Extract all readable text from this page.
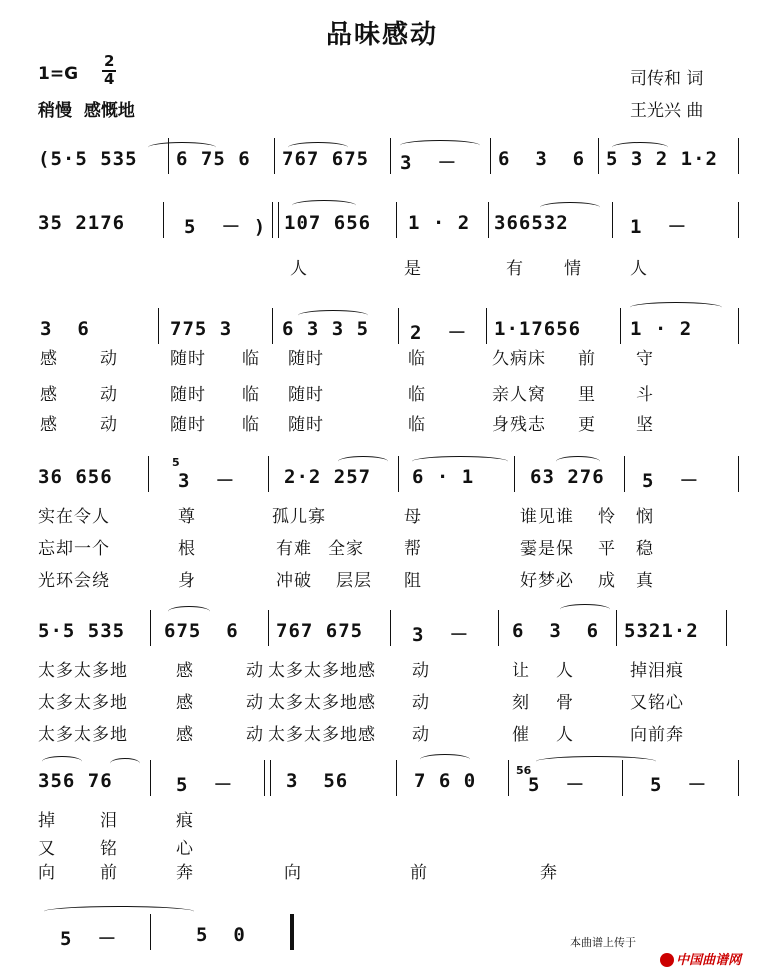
品味感动
1=G
2
4
稍慢  感慨地
司传和 词
王光兴 曲
(5·5 535 6 75 6 767 675 3  － 6  3  6 5 3 2 1·2
35 2176	5  － ) 107 656 1 · 2 366532	1  －
人	是	有 情	人
3  6	775 3	6 3 3 5 2  － 1·17656	1 · 2
感 动	随时 临 随时	临	久病床 前 守
感 动	随时 临 随时	临	亲人窝 里 斗
感 动	随时 临 随时	临	身残志 更 坚
36 656	3  －	2·2 257 6 · 1	63 276 5  －
实在令人	尊	孤儿寡	母	谁见谁 怜 悯
忘却一个	根	有难 全家 帮	霎是保 平 稳
光环会绕	身	冲破 层层 阻	好梦必 成 真
5·5 535 675  6 767 675	3  － 6  3  6 5321·2
太多太多地	感	动 太多太多地感 动	让 人	掉泪痕
太多太多地	感	动 太多太多地感 动	刻 骨	又铭心
太多太多地	感	动 太多太多地感 动	催 人	向前奔
356 76	5  －	3  56	7 6 0	5  －	5  －
掉	泪	痕
又	铭	心
向	前	奔	向	前	奔
5  －	5  0
5
56
本曲谱上传于

中国曲谱网
